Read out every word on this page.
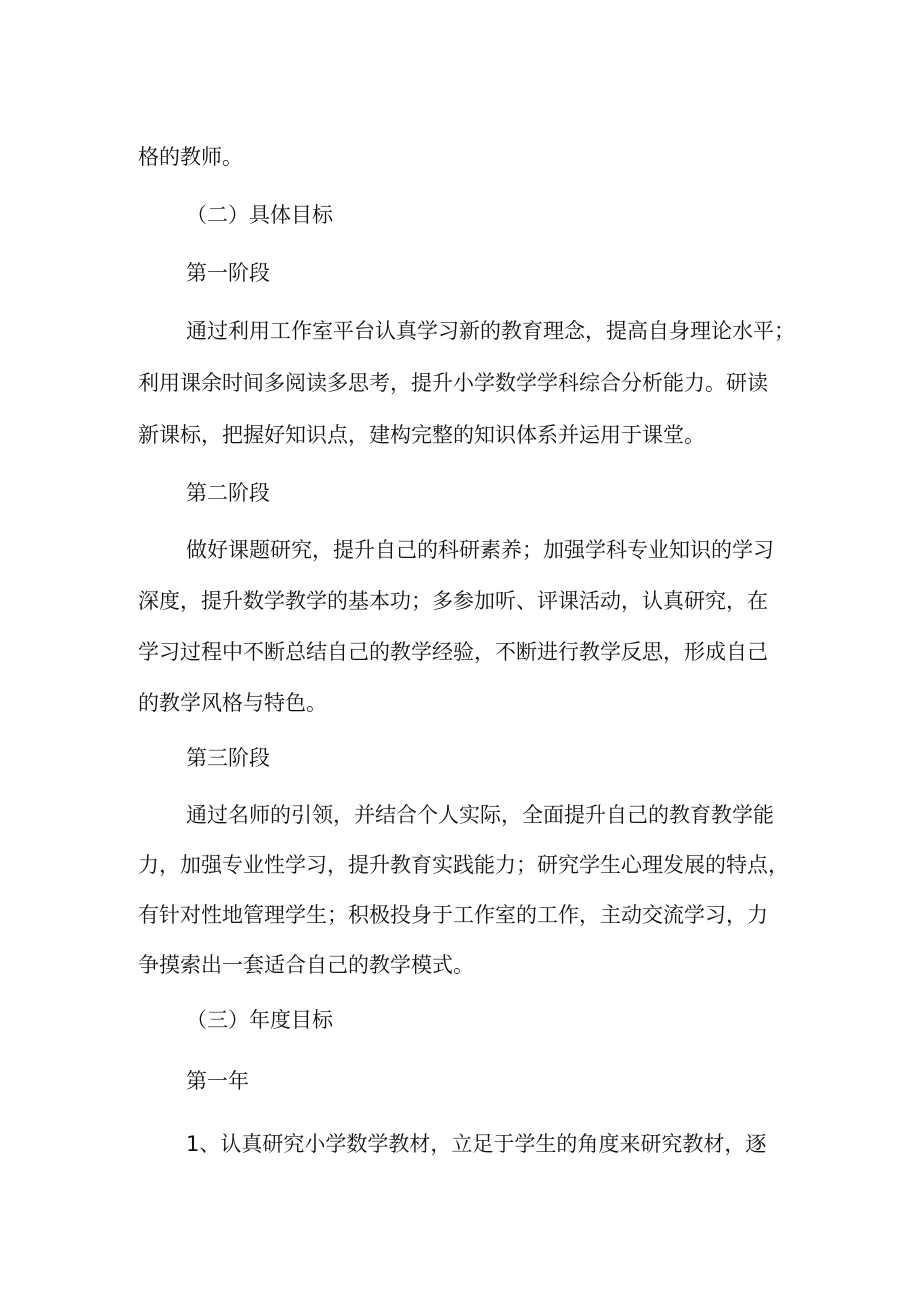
格的教师。
（二）具体目标
第一阶段
通过利用工作室平台认真学习新的教育理念，提高自身理论水平；
利用课余时间多阅读多思考，提升小学数学学科综合分析能力。研读
新课标，把握好知识点，建构完整的知识体系并运用于课堂。
第二阶段
做好课题研究，提升自己的科研素养；加强学科专业知识的学习
深度，提升数学教学的基本功；多参加听、评课活动，认真研究，在
学习过程中不断总结自己的教学经验，不断进行教学反思，形成自己
的教学风格与特色。
第三阶段
通过名师的引领，并结合个人实际，全面提升自己的教育教学能
力，加强专业性学习，提升教育实践能力；研究学生心理发展的特点，
有针对性地管理学生；积极投身于工作室的工作，主动交流学习，力
争摸索出一套适合自己的教学模式。
（三）年度目标
第一年
1、认真研究小学数学教材，立足于学生的角度来研究教材，逐
